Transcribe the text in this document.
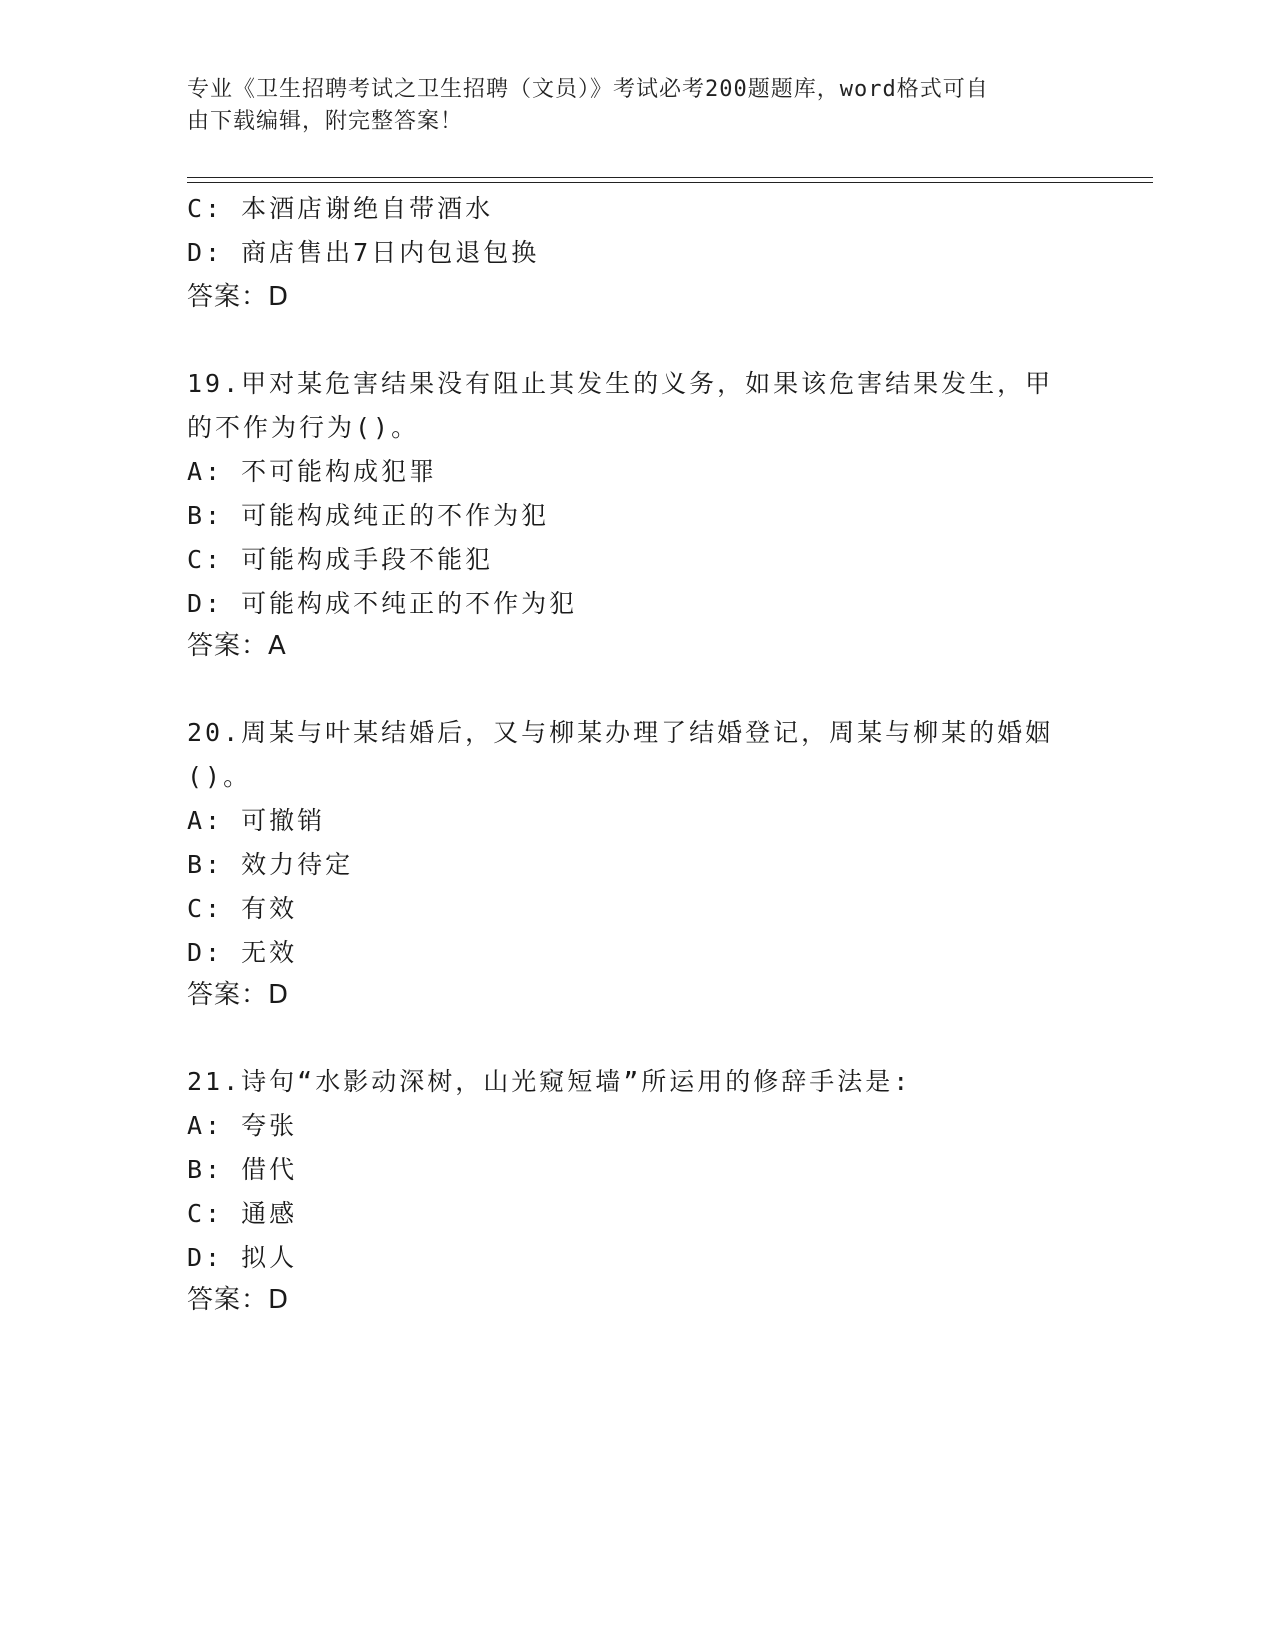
专业《卫生招聘考试之卫生招聘（文员）》考试必考200题题库，word格式可自
由下载编辑，附完整答案！
C: 本酒店谢绝自带酒水
D: 商店售出7日内包退包换
答案：D
19.甲对某危害结果没有阻止其发生的义务，如果该危害结果发生，甲
的不作为行为()。
A: 不可能构成犯罪
B: 可能构成纯正的不作为犯
C: 可能构成手段不能犯
D: 可能构成不纯正的不作为犯
答案：A
20.周某与叶某结婚后，又与柳某办理了结婚登记，周某与柳某的婚姻
()。
A: 可撤销
B: 效力待定
C: 有效
D: 无效
答案：D
21.诗句“水影动深树，山光窥短墙”所运用的修辞手法是:
A: 夸张
B: 借代
C: 通感
D: 拟人
答案：D
